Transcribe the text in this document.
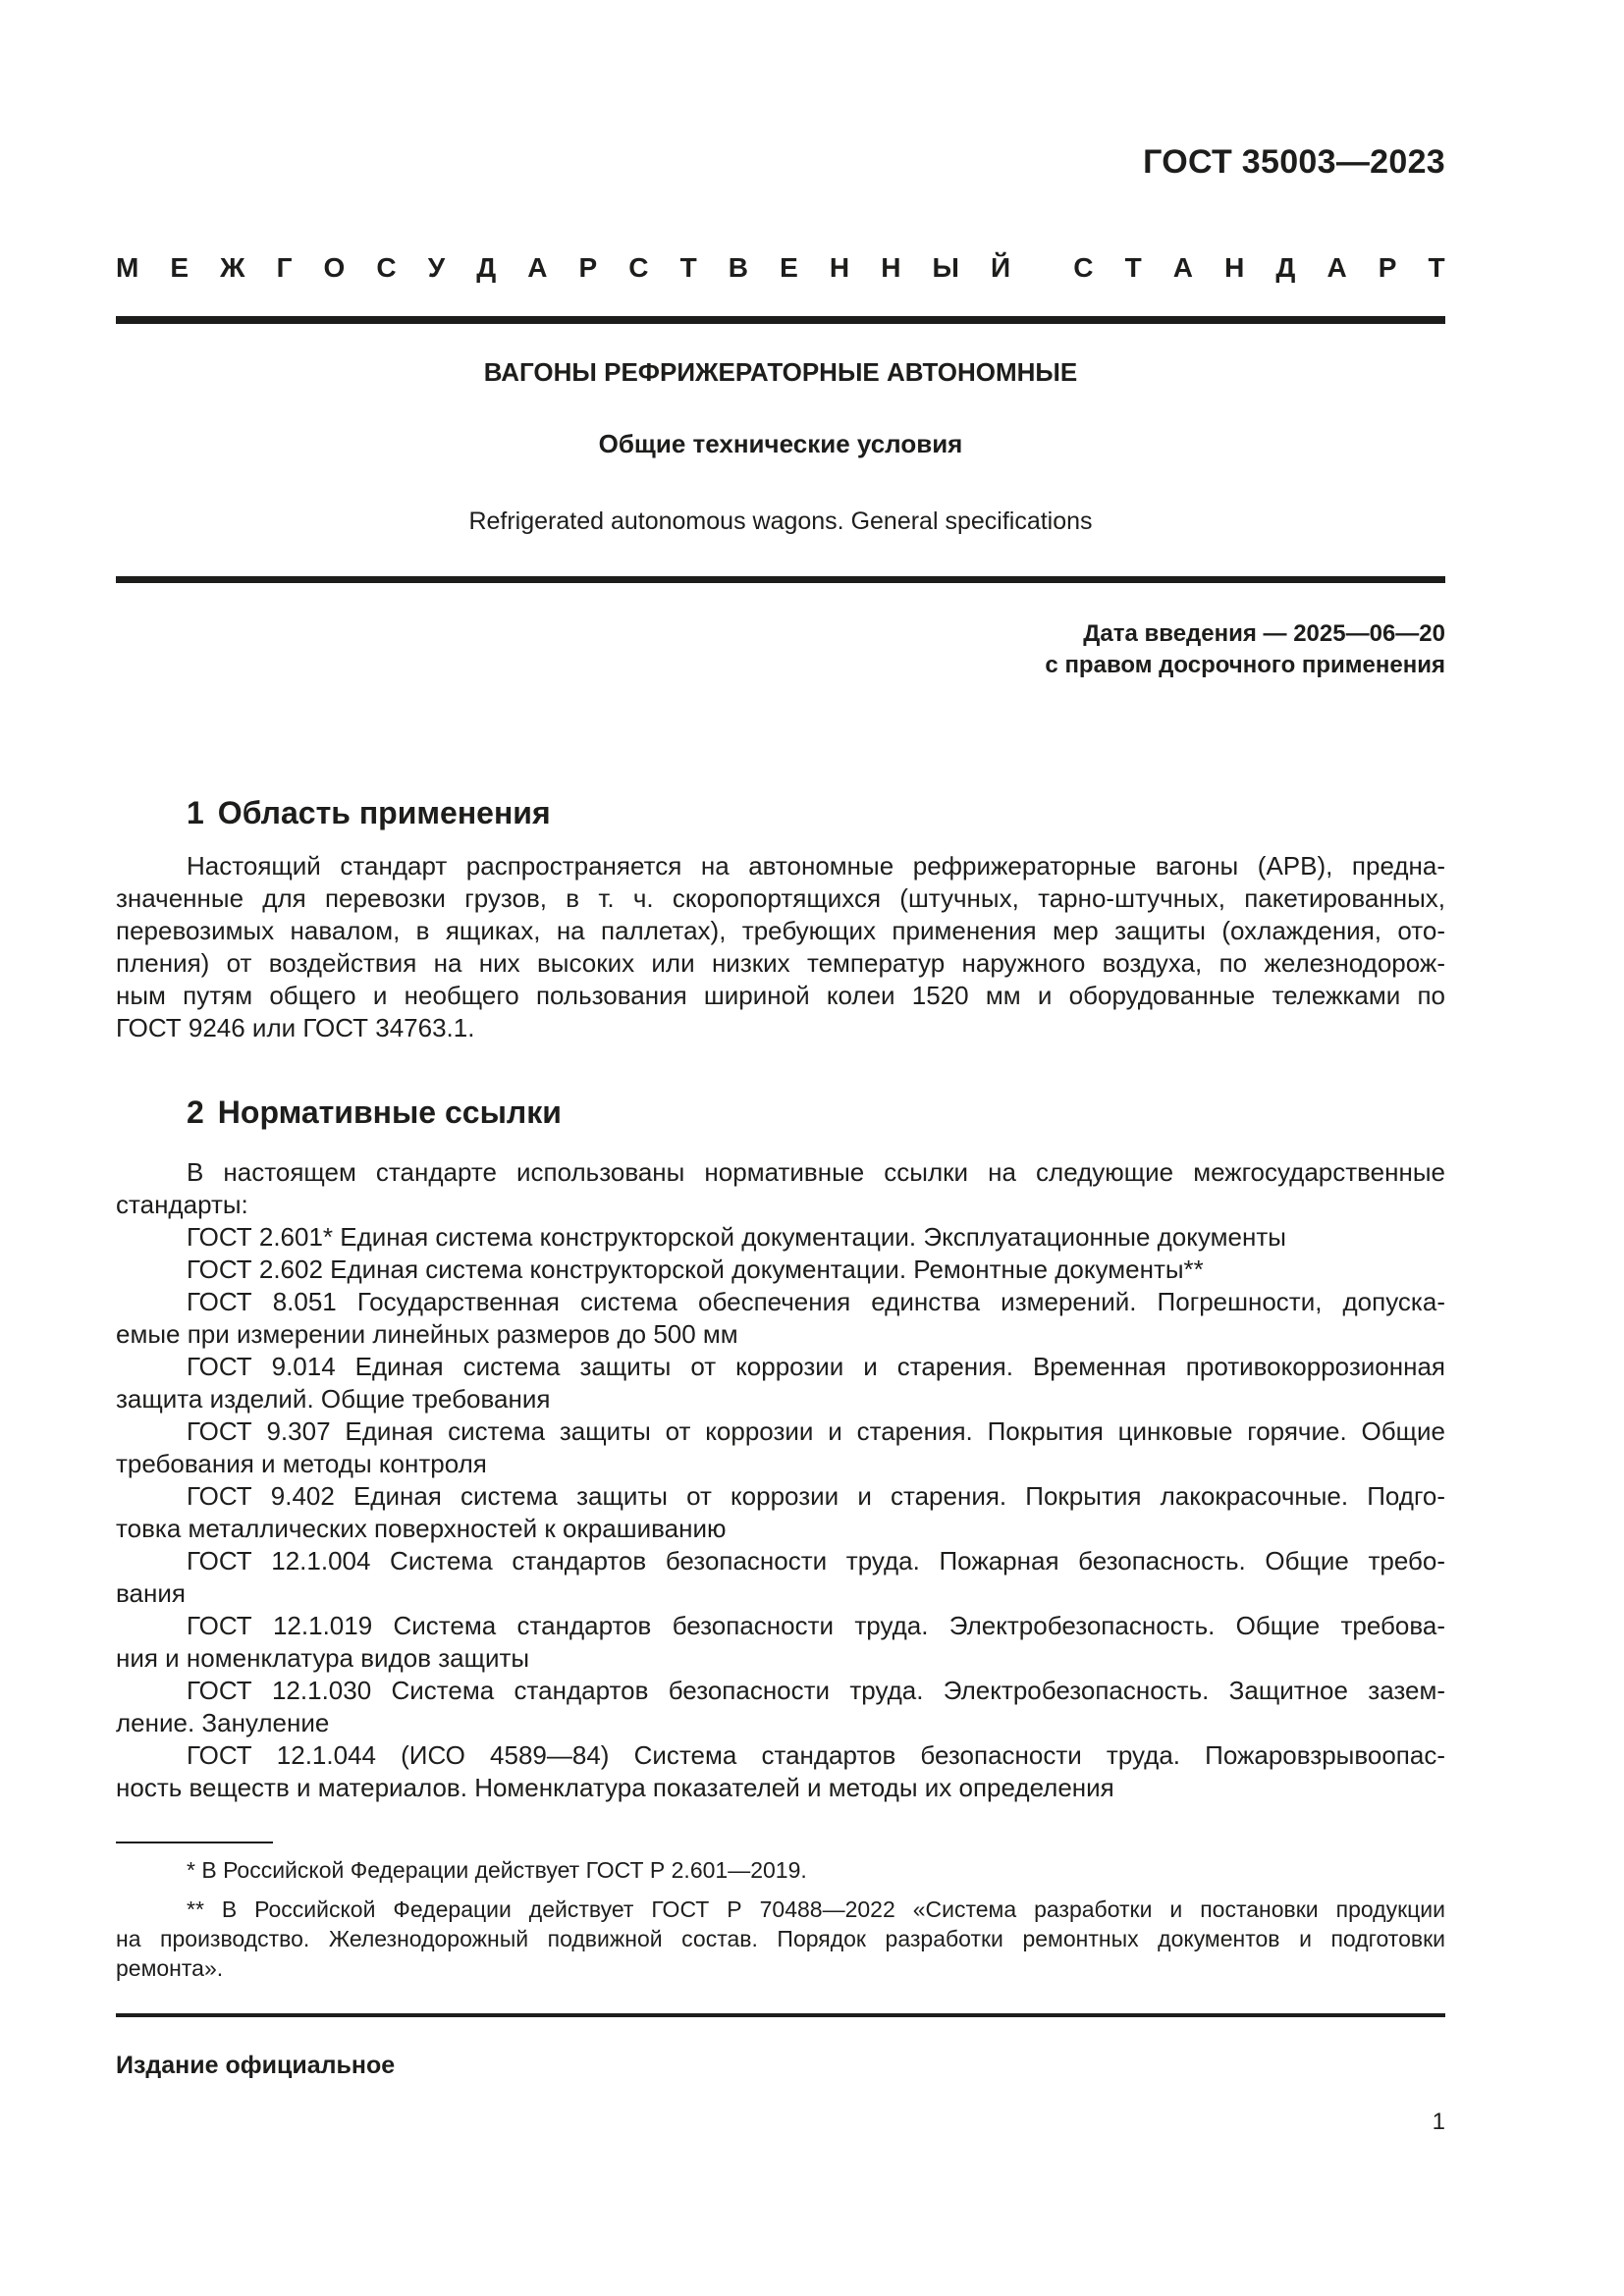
ГОСТ 35003—2023
М Е Ж Г О С У Д А Р С Т В Е Н Н Ы Й С Т А Н Д А Р Т
ВАГОНЫ РЕФРИЖЕРАТОРНЫЕ АВТОНОМНЫЕ
Общие технические условия
Refrigerated autonomous wagons. General specifications
Дата введения — 2025—06—20
с правом досрочного применения
1 Область применения
Настоящий стандарт распространяется на автономные рефрижераторные вагоны (АРВ), предна-
значенные для перевозки грузов, в т. ч. скоропортящихся (штучных, тарно-штучных, пакетированных,
перевозимых навалом, в ящиках, на паллетах), требующих применения мер защиты (охлаждения, ото-
пления) от воздействия на них высоких или низких температур наружного воздуха, по железнодорож-
ным путям общего и необщего пользования шириной колеи 1520 мм и оборудованные тележками по
ГОСТ 9246 или ГОСТ 34763.1.
2 Нормативные ссылки
В настоящем стандарте использованы нормативные ссылки на следующие межгосударственные
стандарты:
ГОСТ 2.601* Единая система конструкторской документации. Эксплуатационные документы
ГОСТ 2.602 Единая система конструкторской документации. Ремонтные документы**
ГОСТ 8.051 Государственная система обеспечения единства измерений. Погрешности, допуска-
емые при измерении линейных размеров до 500 мм
ГОСТ 9.014 Единая система защиты от коррозии и старения. Временная противокоррозионная
защита изделий. Общие требования
ГОСТ 9.307 Единая система защиты от коррозии и старения. Покрытия цинковые горячие. Общие
требования и методы контроля
ГОСТ 9.402 Единая система защиты от коррозии и старения. Покрытия лакокрасочные. Подго-
товка металлических поверхностей к окрашиванию
ГОСТ 12.1.004 Система стандартов безопасности труда. Пожарная безопасность. Общие требо-
вания
ГОСТ 12.1.019 Система стандартов безопасности труда. Электробезопасность. Общие требова-
ния и номенклатура видов защиты
ГОСТ 12.1.030 Система стандартов безопасности труда. Электробезопасность. Защитное зазем-
ление. Зануление
ГОСТ 12.1.044 (ИСО 4589—84) Система стандартов безопасности труда. Пожаровзрывоопас-
ность веществ и материалов. Номенклатура показателей и методы их определения
* В Российской Федерации действует ГОСТ Р 2.601—2019.
** В Российской Федерации действует ГОСТ Р 70488—2022 «Система разработки и постановки продукции
на производство. Железнодорожный подвижной состав. Порядок разработки ремонтных документов и подготовки
ремонта».
Издание официальное
1
